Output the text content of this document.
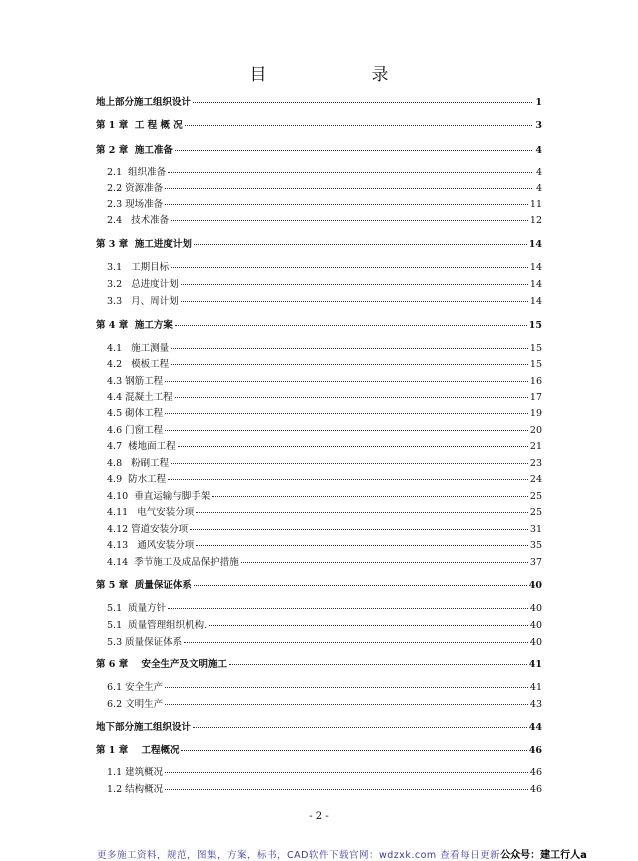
目　录
地上部分施工组织设计	1
第 1 章  工 程 概 况	3
第 2 章  施工准备	4
2.1  组织准备	4
2.2 资源准备	4
2.3 现场准备	11
2.4   技术准备	12
第 3 章  施工进度计划	14
3.1   工期目标	14
3.2   总进度计划	14
3.3   月、周计划	14
第 4 章  施工方案	15
4.1   施工测量	15
4.2   模板工程	15
4.3 钢筋工程	16
4.4 混凝土工程	17
4.5 砌体工程	19
4.6 门窗工程	20
4.7  楼地面工程	21
4.8   粉刷工程	23
4.9  防水工程	24
4.10  垂直运输与脚手架	25
4.11   电气安装分项	25
4.12 管道安装分项	31
4.13   通风安装分项	35
4.14  季节施工及成品保护措施	37
第 5 章  质量保证体系	40
5.1  质量方针	40
5.1  质量管理组织机构.	40
5.3 质量保证体系	40
第 6 章    安全生产及文明施工	41
6.1 安全生产	41
6.2 文明生产	43
地下部分施工组织设计	44
第 1 章    工程概况	46
1.1 建筑概况	46
1.2 结构概况	46
- 2 -
更多施工资料，规范，图集，方案，标书，CAD软件下载官网：wdzxk.com 查看每日更新公众号：建工行人a
